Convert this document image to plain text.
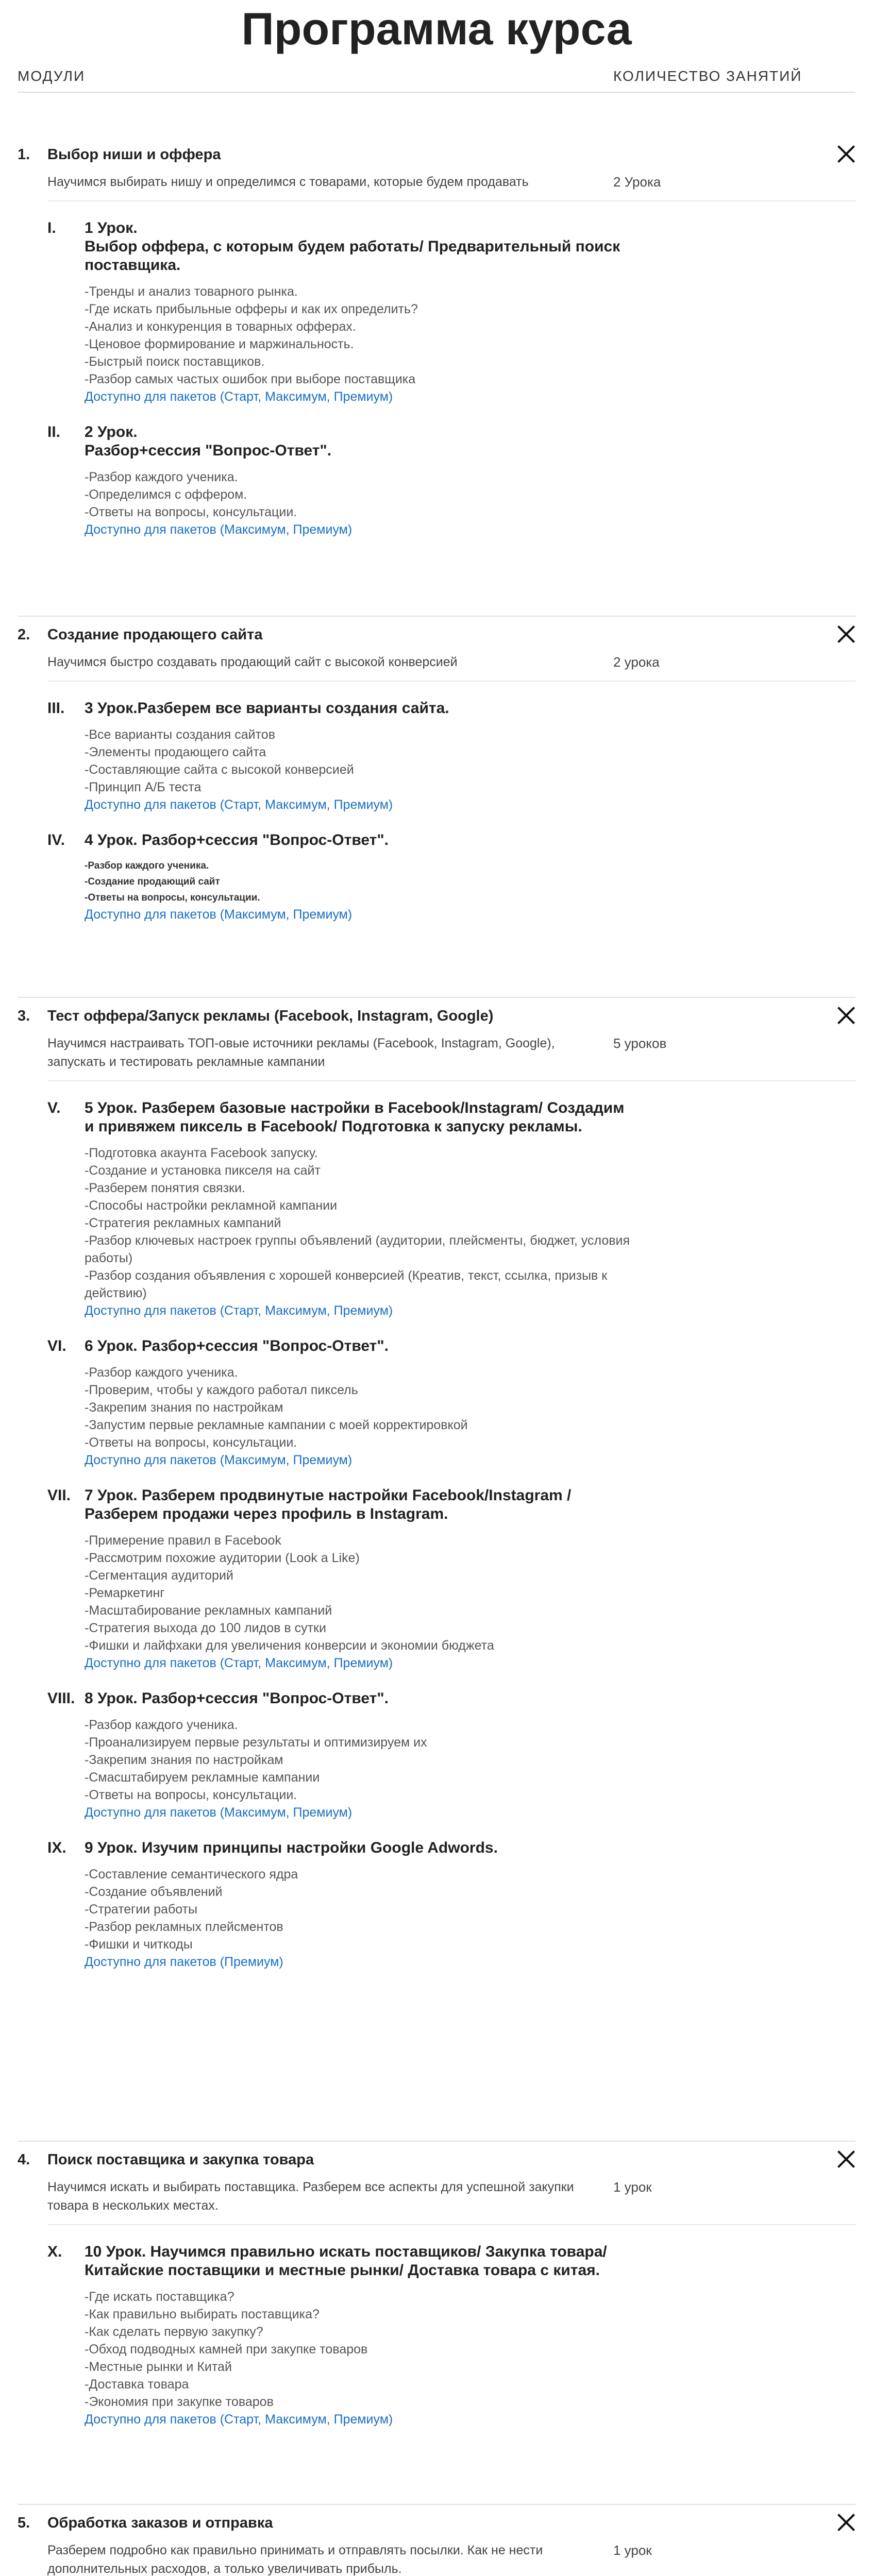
Программа курса
МОДУЛИ	КОЛИЧЕСТВО ЗАНЯТИЙ
1.	Выбор ниши и оффера
Научимся выбирать нишу и определимся с товарами, которые будем продавать	2 Урока
I.	1 Урок.
Выбор оффера, с которым будем работать/ Предварительный поиск поставщика.
-Тренды и анализ товарного рынка.
-Где искать прибыльные офферы и как их определить?
-Анализ и конкуренция в товарных офферах.
-Ценовое формирование и маржинальность.
-Быстрый поиск поставщиков.
-Разбор самых частых ошибок при выборе поставщика
Доступно для пакетов (Старт, Максимум, Премиум)
II.	2 Урок.
Разбор+сессия "Вопрос-Ответ".
-Разбор каждого ученика.
-Определимся с оффером.
-Ответы на вопросы, консультации.
Доступно для пакетов (Максимум, Премиум)
2.	Создание продающего сайта
Научимся быстро создавать продающий сайт с высокой конверсией	2 урока
III.	3 Урок.Разберем все варианты создания сайта.
-Все варианты создания сайтов
-Элементы продающего сайта
-Составляющие сайта с высокой конверсией
-Принцип А/Б теста
Доступно для пакетов (Старт, Максимум, Премиум)
IV.	4 Урок. Разбор+сессия "Вопрос-Ответ".
-Разбор каждого ученика.
-Создание продающий сайт
-Ответы на вопросы, консультации.
Доступно для пакетов (Максимум, Премиум)
3.	Тест оффера/Запуск рекламы (Facebook, Instagram, Google)
Научимся настраивать ТОП-овые источники рекламы (Facebook, Instagram, Google), запускать и тестировать рекламные кампании
5 уроков
V.	5 Урок. Разберем базовые настройки в Facebook/Instagram/ Создадим и привяжем пиксель в Facebook/ Подготовка к запуску рекламы.
-Подготовка акаунта Facebook запуску.
-Создание и установка пикселя на сайт
-Разберем понятия связки.
-Способы настройки рекламной кампании
-Стратегия рекламных кампаний
-Разбор ключевых настроек группы объявлений (аудитории, плейсменты, бюджет, условия работы)
-Разбор создания объявления с хорошей конверсией (Креатив, текст, ссылка, призыв к действию)
Доступно для пакетов (Старт, Максимум, Премиум)
VI.	6 Урок. Разбор+сессия "Вопрос-Ответ".
-Разбор каждого ученика.
-Проверим, чтобы у каждого работал пиксель
-Закрепим знания по настройкам
-Запустим первые рекламные кампании с моей корректировкой
-Ответы на вопросы, консультации.
Доступно для пакетов (Максимум, Премиум)
VII. 7 Урок. Разберем продвинутые настройки Facebook/Instagram / Разберем продажи через профиль в Instagram.
-Примерение правил в Facebook
-Рассмотрим похожие аудитории (Look a Like)
-Сегментация аудиторий
-Ремаркетинг
-Масштабирование рекламных кампаний
-Стратегия выхода до 100 лидов в сутки
-Фишки и лайфхаки для увеличения конверсии и экономии бюджета
Доступно для пакетов (Старт, Максимум, Премиум)
VIII. 8 Урок. Разбор+сессия "Вопрос-Ответ".
-Разбор каждого ученика.
-Проанализируем первые результаты и оптимизируем их
-Закрепим знания по настройкам
-Смасштабируем рекламные кампании
-Ответы на вопросы, консультации.
Доступно для пакетов (Максимум, Премиум)
IX.	9 Урок. Изучим принципы настройки Google Adwords.
-Составление семантического ядра
-Создание объявлений
-Стратегии работы
-Разбор рекламных плейсментов
-Фишки и читкоды
Доступно для пакетов (Премиум)
4.	Поиск поставщика и закупка товара
Научимся искать и выбирать поставщика. Разберем все аспекты для успешной закупки товара в нескольких местах.
1 урок
X.	10 Урок. Научимся правильно искать поставщиков/ Закупка товара/ Китайские поставщики и местные рынки/ Доставка товара с китая.
-Где искать поставщика?
-Как правильно выбирать поставщика?
-Как сделать первую закупку?
-Обход подводных камней при закупке товаров
-Местные рынки и Китай
-Доставка товара
-Экономия при закупке товаров
Доступно для пакетов (Старт, Максимум, Премиум)
5.	Обработка заказов и отправка
Разберем подробно как правильно принимать и отправлять посылки. Как не нести дополнительных расходов, а только увеличивать прибыль.
1 урок
